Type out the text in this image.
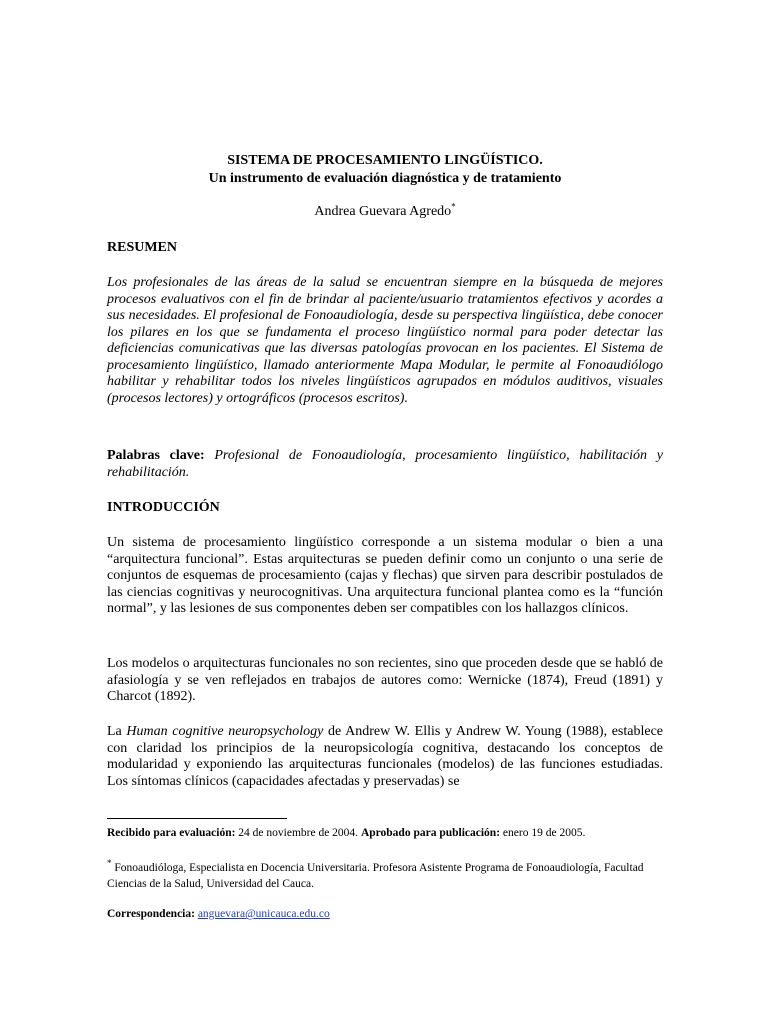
SISTEMA DE PROCESAMIENTO LINGÜÍSTICO.
Un instrumento de evaluación diagnóstica y de tratamiento
Andrea Guevara Agredo*
RESUMEN
Los profesionales de las áreas de la salud se encuentran siempre en la búsqueda de mejores procesos evaluativos con el fin de brindar al paciente/usuario tratamientos efectivos y acordes a sus necesidades. El profesional de Fonoaudiología, desde su perspectiva lingüística, debe conocer los pilares en los que se fundamenta el proceso lingüístico normal para poder detectar las deficiencias comunicativas que las diversas patologías provocan en los pacientes. El Sistema de procesamiento lingüístico, llamado anteriormente Mapa Modular, le permite al Fonoaudiólogo habilitar y rehabilitar todos los niveles lingüísticos agrupados en módulos auditivos, visuales (procesos lectores) y ortográficos (procesos escritos).
Palabras clave: Profesional de Fonoaudiología, procesamiento lingüístico, habilitación y rehabilitación.
INTRODUCCIÓN
Un sistema de procesamiento lingüístico corresponde a un sistema modular o bien a una “arquitectura funcional”. Estas arquitecturas se pueden definir como un conjunto o una serie de conjuntos de esquemas de procesamiento (cajas y flechas) que sirven para describir postulados de las ciencias cognitivas y neurocognitivas. Una arquitectura funcional plantea como es la “función normal”, y las lesiones de sus componentes deben ser compatibles con los hallazgos clínicos.
Los modelos o arquitecturas funcionales no son recientes, sino que proceden desde que se habló de afasiología y se ven reflejados en trabajos de autores como: Wernicke (1874), Freud (1891) y Charcot (1892).
La Human cognitive neuropsychology de Andrew W. Ellis y Andrew W. Young (1988), establece con claridad los principios de la neuropsicología cognitiva, destacando los conceptos de modularidad y exponiendo las arquitecturas funcionales (modelos) de las funciones estudiadas. Los síntomas clínicos (capacidades afectadas y preservadas) se
Recibido para evaluación: 24 de noviembre de 2004. Aprobado para publicación: enero 19 de 2005.
* Fonoaudióloga, Especialista en Docencia Universitaria. Profesora Asistente Programa de Fonoaudiología, Facultad Ciencias de la Salud, Universidad del Cauca.
Correspondencia: anguevara@unicauca.edu.co
